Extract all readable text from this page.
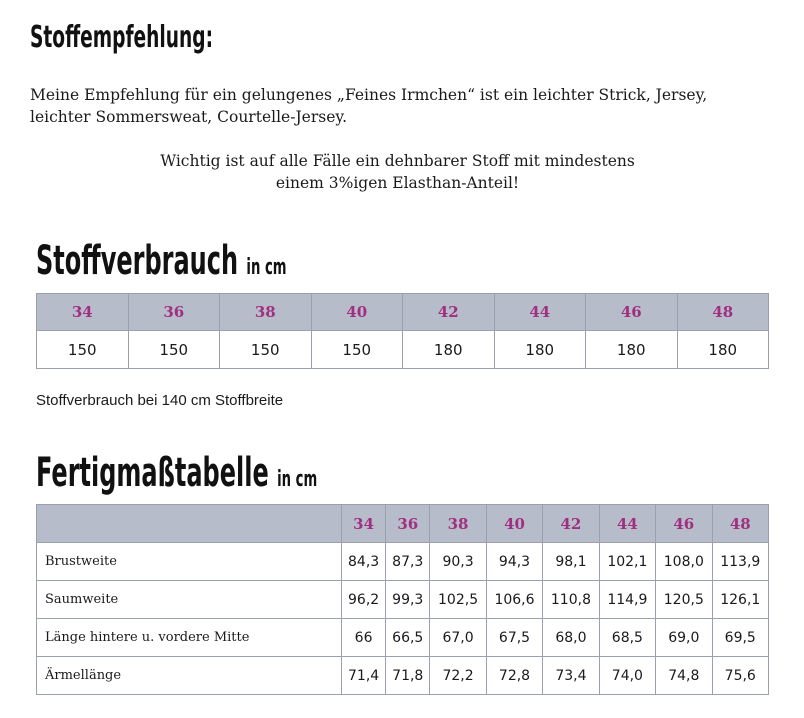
Stoffempfehlung:
Meine Empfehlung für ein gelungenes „Feines Irmchen“ ist ein leichter Strick, Jersey, leichter Sommersweat, Courtelle-Jersey.
Wichtig ist auf alle Fälle ein dehnbarer Stoff mit mindestens
einem 3%igen Elasthan-Anteil!
Stoffverbrauch in cm
34	36	38	40	42	44	46	48
150	150	150	150	180	180	180	180
Stoffverbrauch bei 140 cm Stoffbreite
Fertigmaßtabelle in cm
	34	36	38	40	42	44	46	48
Brustweite	84,3	87,3	90,3	94,3	98,1	102,1	108,0	113,9
Saumweite	96,2	99,3	102,5	106,6	110,8	114,9	120,5	126,1
Länge hintere u. vordere Mitte	66	66,5	67,0	67,5	68,0	68,5	69,0	69,5
Ärmellänge	71,4	71,8	72,2	72,8	73,4	74,0	74,8	75,6
